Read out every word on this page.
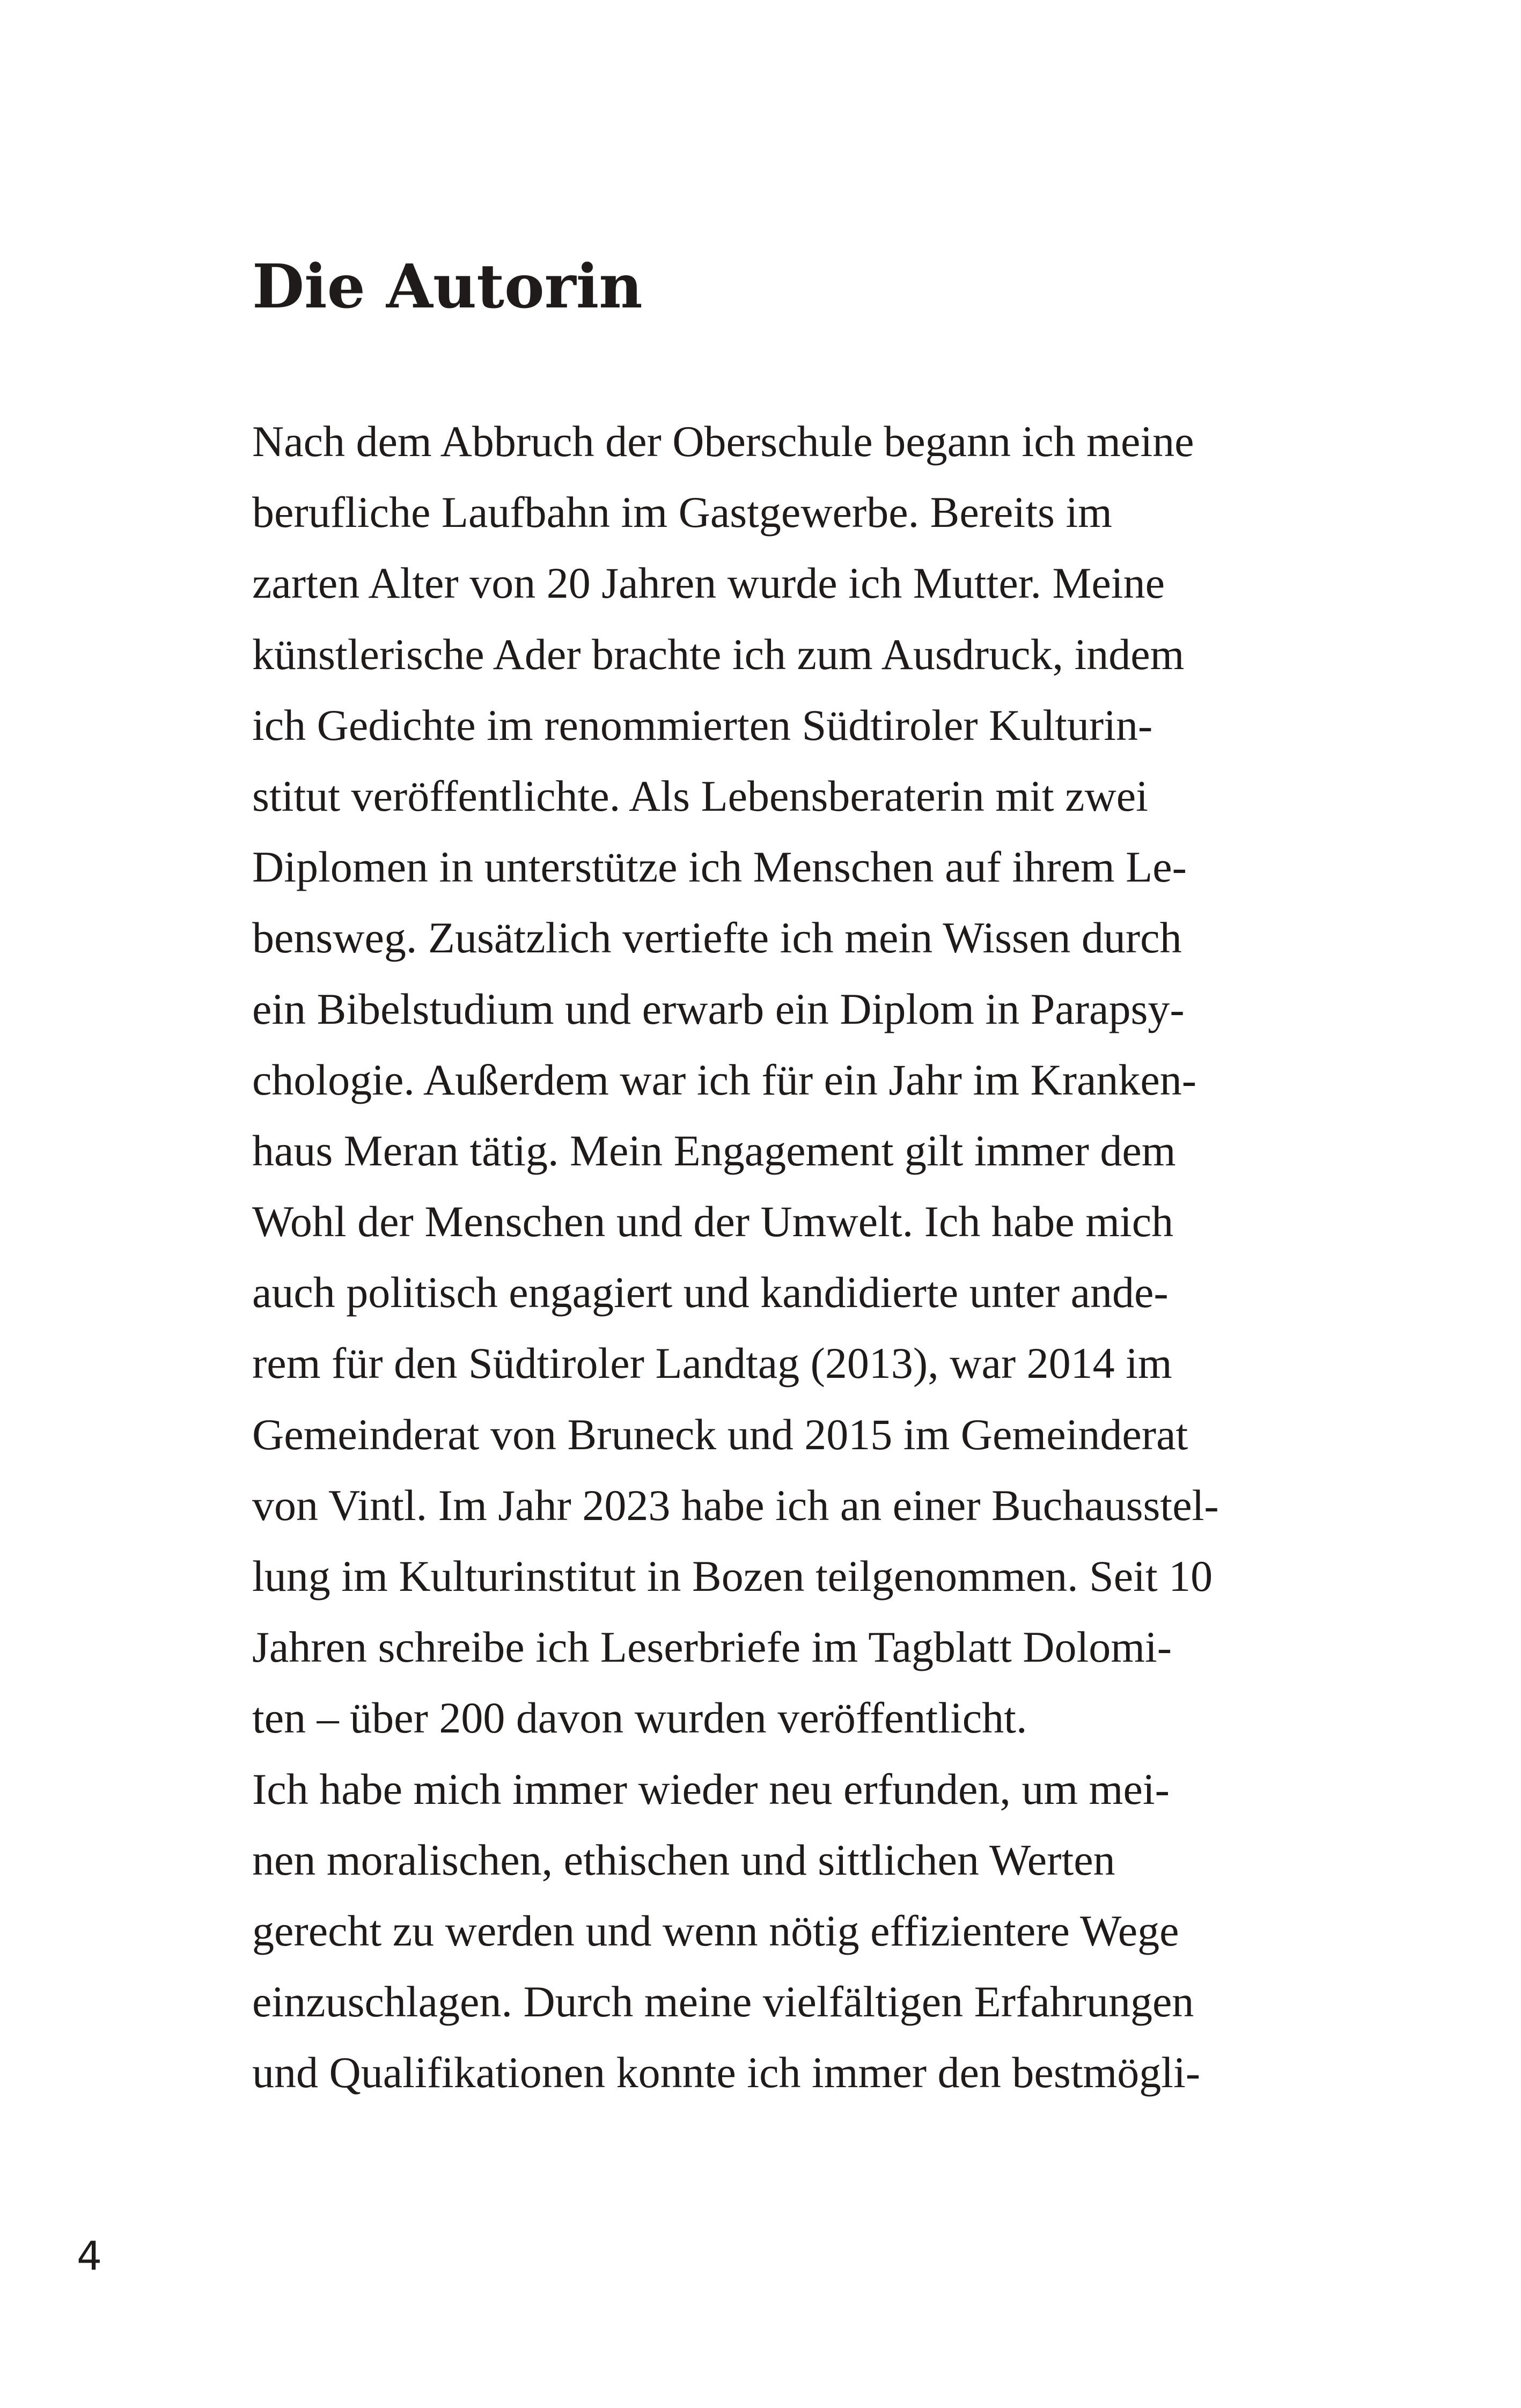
Die Autorin
Nach dem Abbruch der Oberschule begann ich meine
berufliche Laufbahn im Gastgewerbe. Bereits im
zarten Alter von 20 Jahren wurde ich Mutter. Meine
künstlerische Ader brachte ich zum Ausdruck, indem
ich Gedichte im renommierten Südtiroler Kulturin-
stitut veröffentlichte. Als Lebensberaterin mit zwei
Diplomen in unterstütze ich Menschen auf ihrem Le-
bensweg. Zusätzlich vertiefte ich mein Wissen durch
ein Bibelstudium und erwarb ein Diplom in Parapsy-
chologie. Außerdem war ich für ein Jahr im Kranken-
haus Meran tätig. Mein Engagement gilt immer dem
Wohl der Menschen und der Umwelt. Ich habe mich
auch politisch engagiert und kandidierte unter ande-
rem für den Südtiroler Landtag (2013), war 2014 im
Gemeinderat von Bruneck und 2015 im Gemeinderat
von Vintl. Im Jahr 2023 habe ich an einer Buchausstel-
lung im Kulturinstitut in Bozen teilgenommen. Seit 10
Jahren schreibe ich Leserbriefe im Tagblatt Dolomi-
ten – über 200 davon wurden veröffentlicht.
Ich habe mich immer wieder neu erfunden, um mei-
nen moralischen, ethischen und sittlichen Werten
gerecht zu werden und wenn nötig effizientere Wege
einzuschlagen. Durch meine vielfältigen Erfahrungen
und Qualifikationen konnte ich immer den bestmögli-
4
